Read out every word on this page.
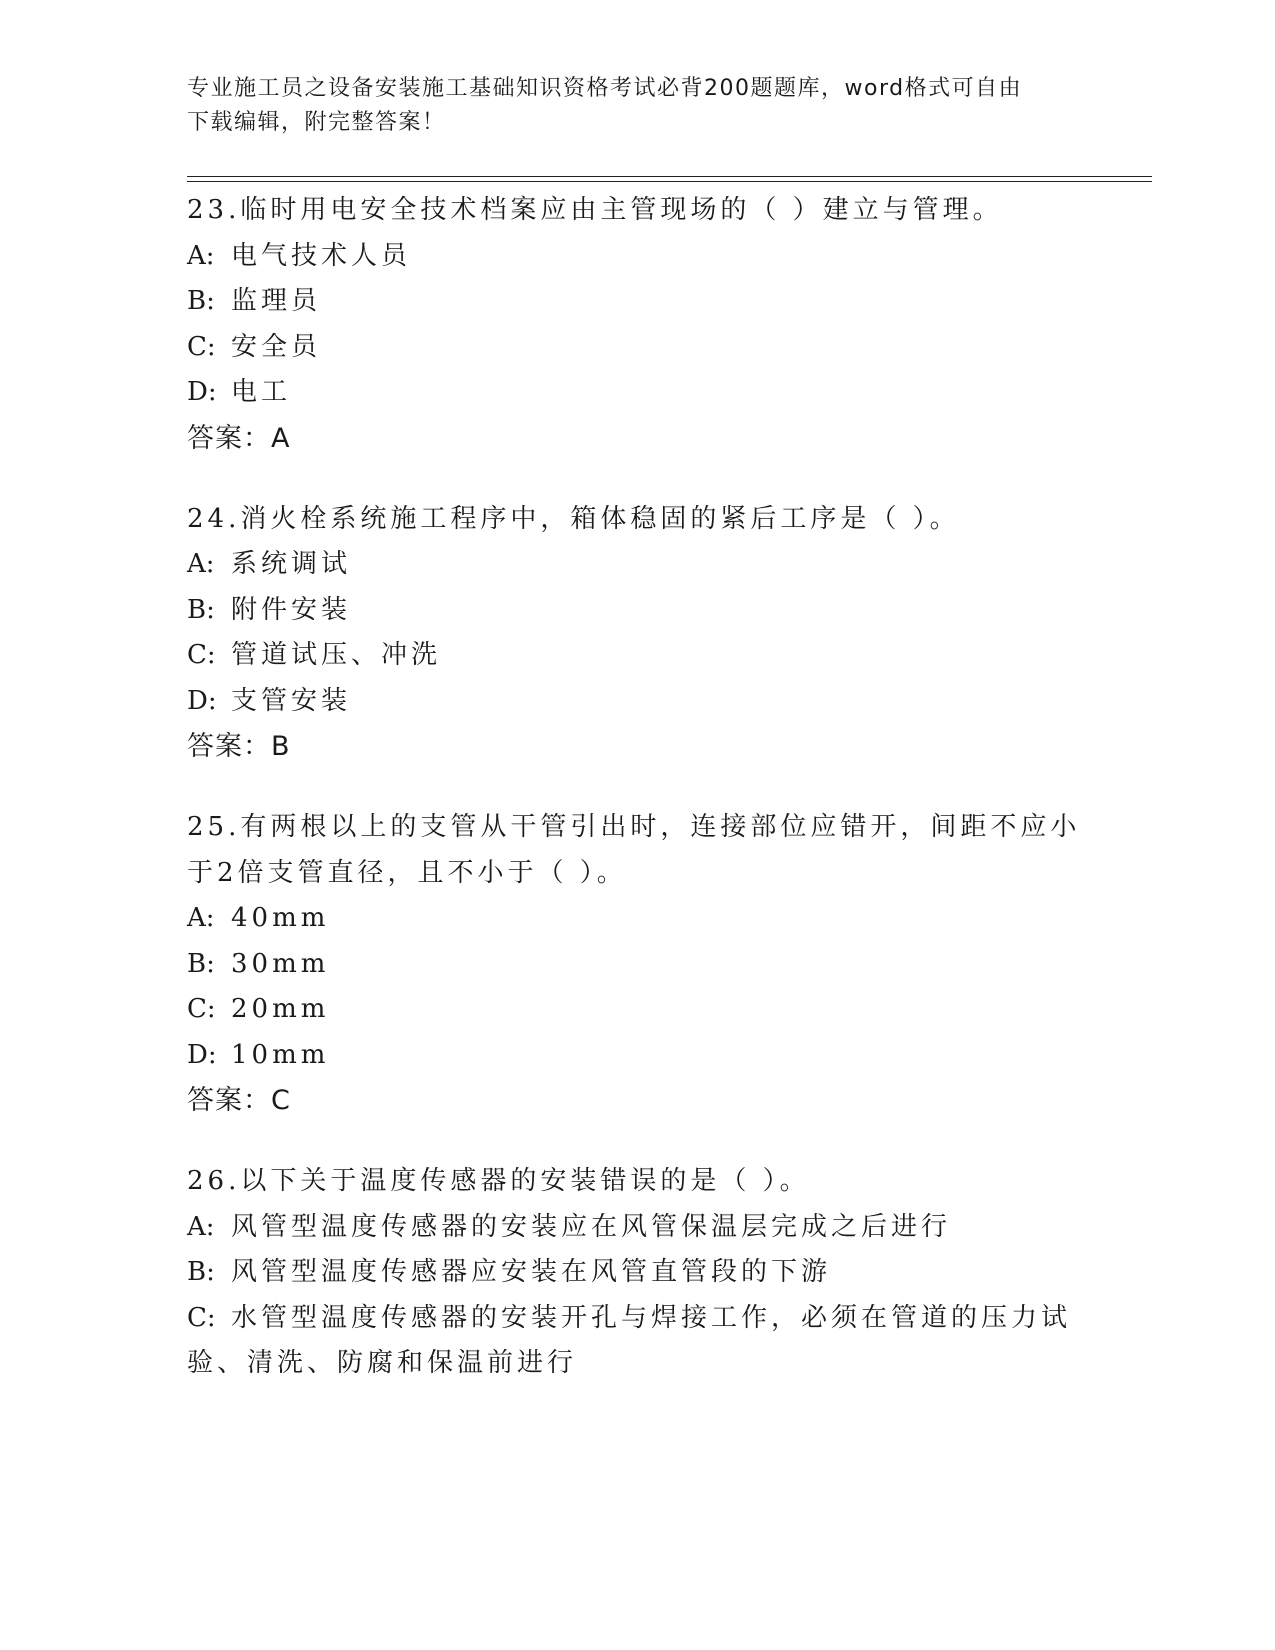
专业施工员之设备安装施工基础知识资格考试必背200题题库，word格式可自由
下载编辑，附完整答案！
23.临时用电安全技术档案应由主管现场的（ ）建立与管理。
A: 电气技术人员
B: 监理员
C: 安全员
D: 电工
答案：A
24.消火栓系统施工程序中，箱体稳固的紧后工序是（ ）。
A: 系统调试
B: 附件安装
C: 管道试压、冲洗
D: 支管安装
答案：B
25.有两根以上的支管从干管引出时，连接部位应错开，间距不应小于2倍支管直径，且不小于（ ）。
A: 40mm
B: 30mm
C: 20mm
D: 10mm
答案：C
26.以下关于温度传感器的安装错误的是（ ）。
A: 风管型温度传感器的安装应在风管保温层完成之后进行
B: 风管型温度传感器应安装在风管直管段的下游
C: 水管型温度传感器的安装开孔与焊接工作，必须在管道的压力试验、清洗、防腐和保温前进行
